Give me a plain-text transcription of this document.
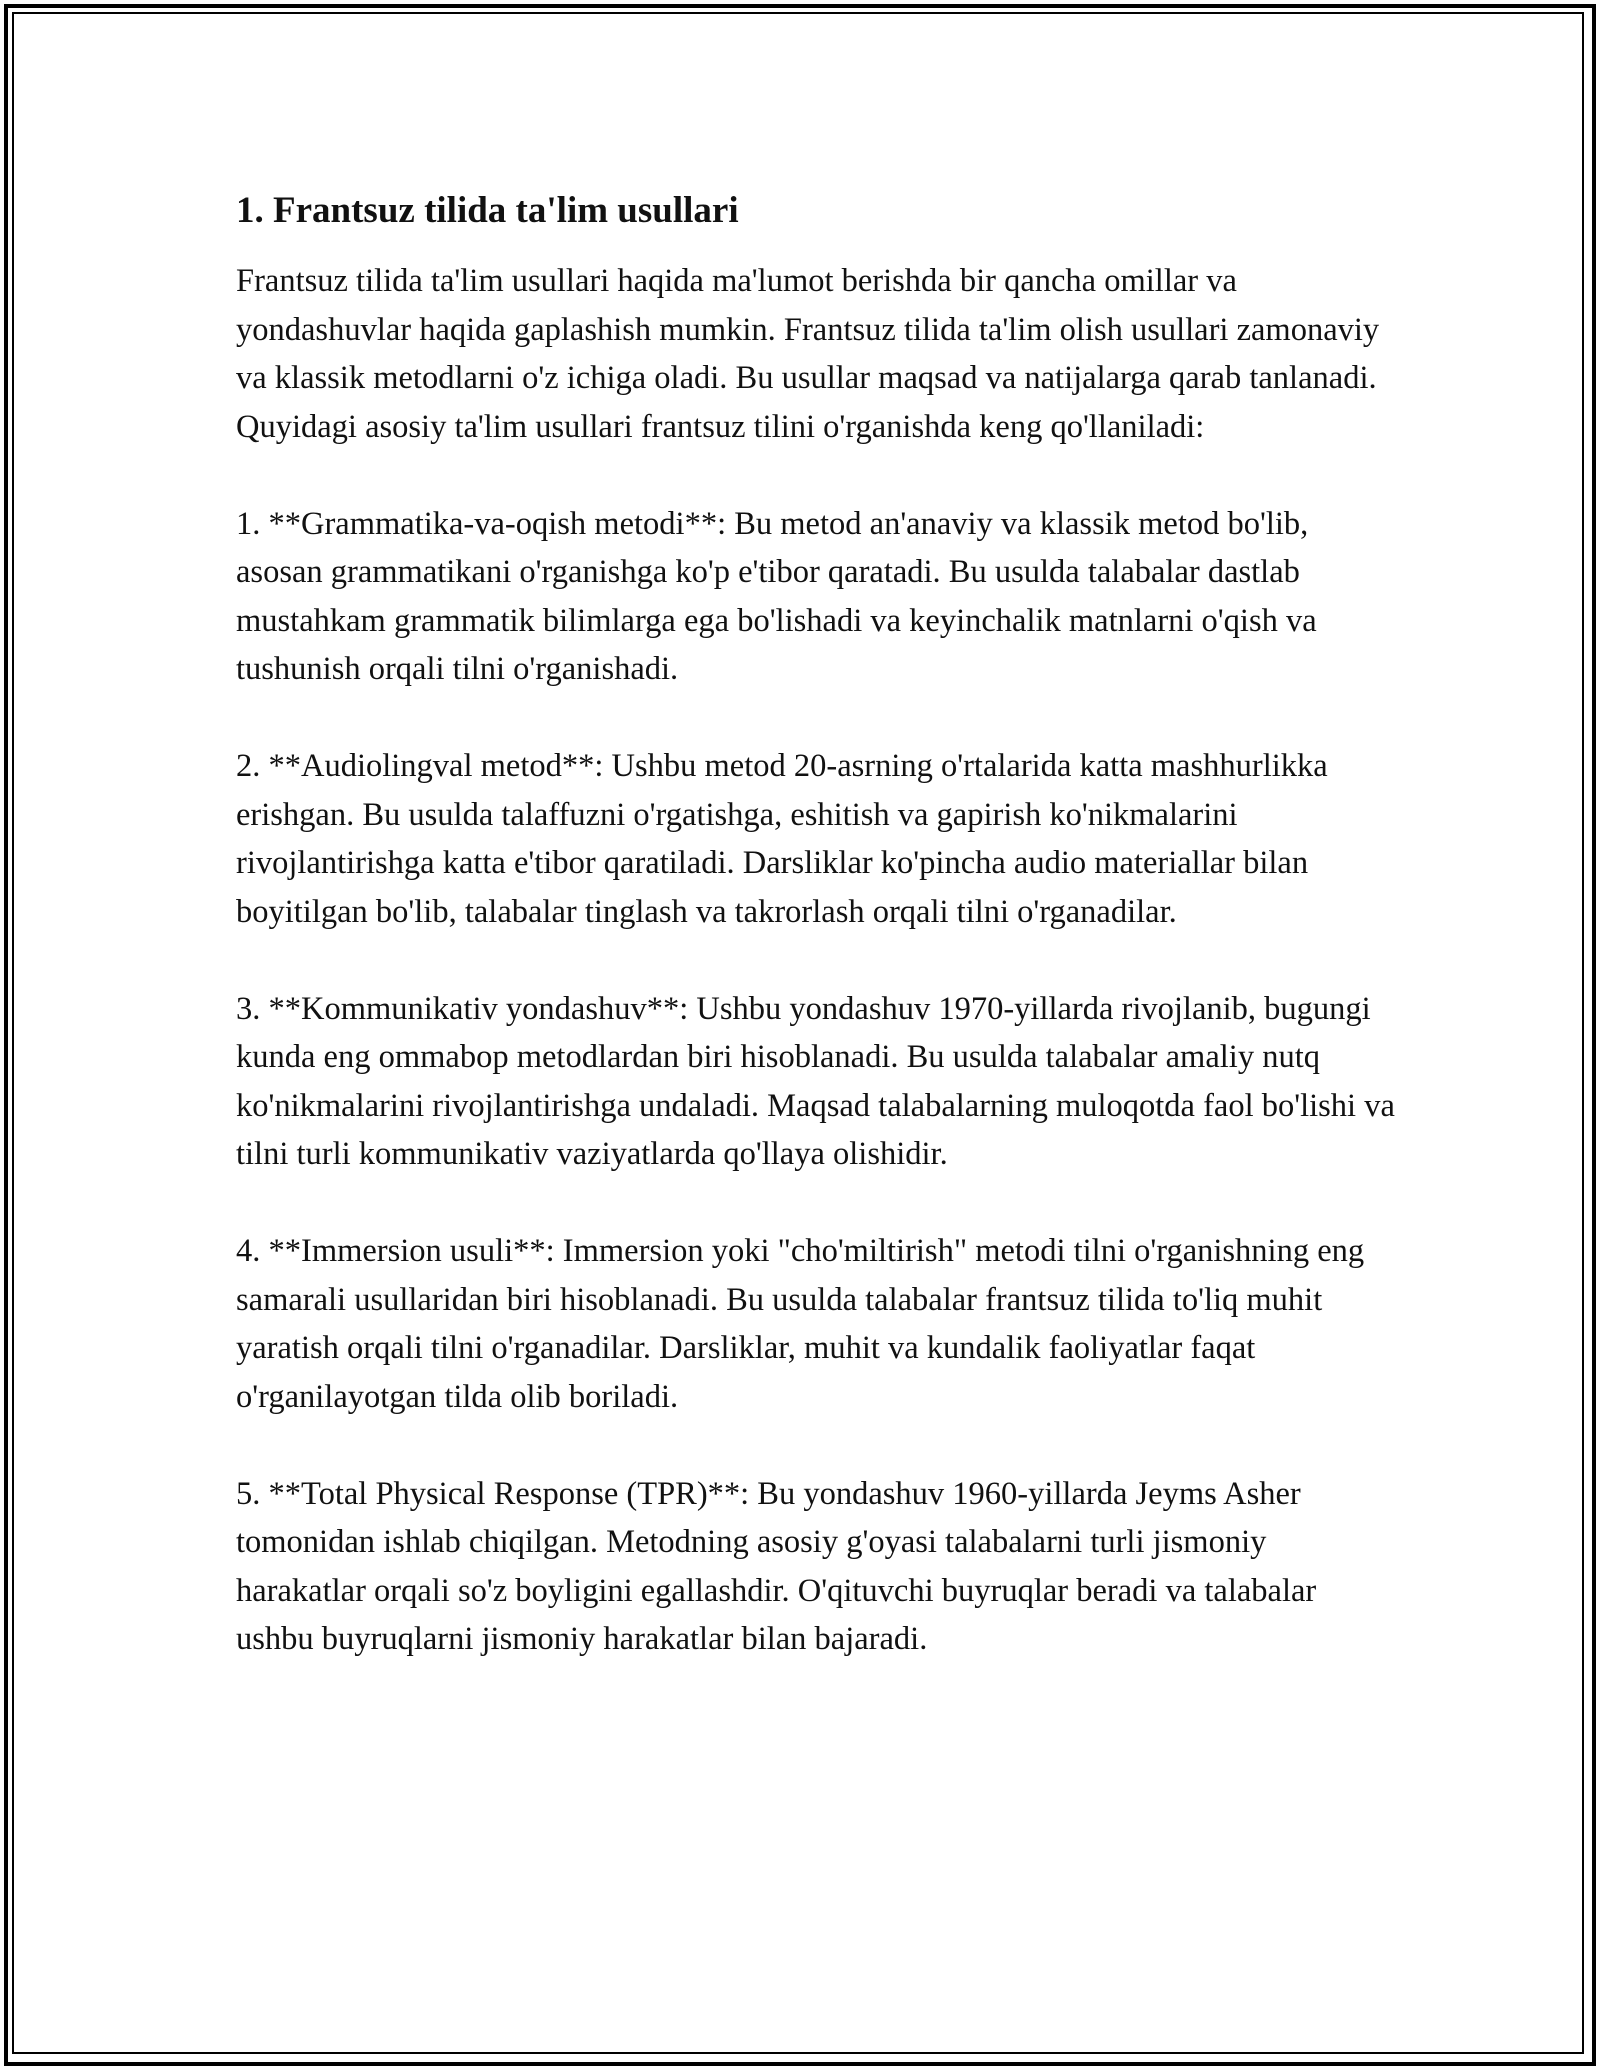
1. Frantsuz tilida ta'lim usullari

Frantsuz tilida ta'lim usullari haqida ma'lumot berishda bir qancha omillar va yondashuvlar haqida gaplashish mumkin. Frantsuz tilida ta'lim olish usullari zamonaviy va klassik metodlarni o'z ichiga oladi. Bu usullar maqsad va natijalarga qarab tanlanadi. Quyidagi asosiy ta'lim usullari frantsuz tilini o'rganishda keng qo'llaniladi:

1. **Grammatika-va-oqish metodi**: Bu metod an'anaviy va klassik metod bo'lib, asosan grammatikani o'rganishga ko'p e'tibor qaratadi. Bu usulda talabalar dastlab mustahkam grammatik bilimlarga ega bo'lishadi va keyinchalik matnlarni o'qish va tushunish orqali tilni o'rganishadi.

2. **Audiolingval metod**: Ushbu metod 20-asrning o'rtalarida katta mashhurlikka erishgan. Bu usulda talaffuzni o'rgatishga, eshitish va gapirish ko'nikmalarini rivojlantirishga katta e'tibor qaratiladi. Darsliklar ko'pincha audio materiallar bilan boyitilgan bo'lib, talabalar tinglash va takrorlash orqali tilni o'rganadilar.

3. **Kommunikativ yondashuv**: Ushbu yondashuv 1970-yillarda rivojlanib, bugungi kunda eng ommabop metodlardan biri hisoblanadi. Bu usulda talabalar amaliy nutq ko'nikmalarini rivojlantirishga undaladi. Maqsad talabalarning muloqotda faol bo'lishi va tilni turli kommunikativ vaziyatlarda qo'llaya olishidir.

4. **Immersion usuli**: Immersion yoki "cho'miltirish" metodi tilni o'rganishning eng samarali usullaridan biri hisoblanadi. Bu usulda talabalar frantsuz tilida to'liq muhit yaratish orqali tilni o'rganadilar. Darsliklar, muhit va kundalik faoliyatlar faqat o'rganilayotgan tilda olib boriladi.

5. **Total Physical Response (TPR)**: Bu yondashuv 1960-yillarda Jeyms Asher tomonidan ishlab chiqilgan. Metodning asosiy g'oyasi talabalarni turli jismoniy harakatlar orqali so'z boyligini egallashdir. O'qituvchi buyruqlar beradi va talabalar ushbu buyruqlarni jismoniy harakatlar bilan bajaradi.
